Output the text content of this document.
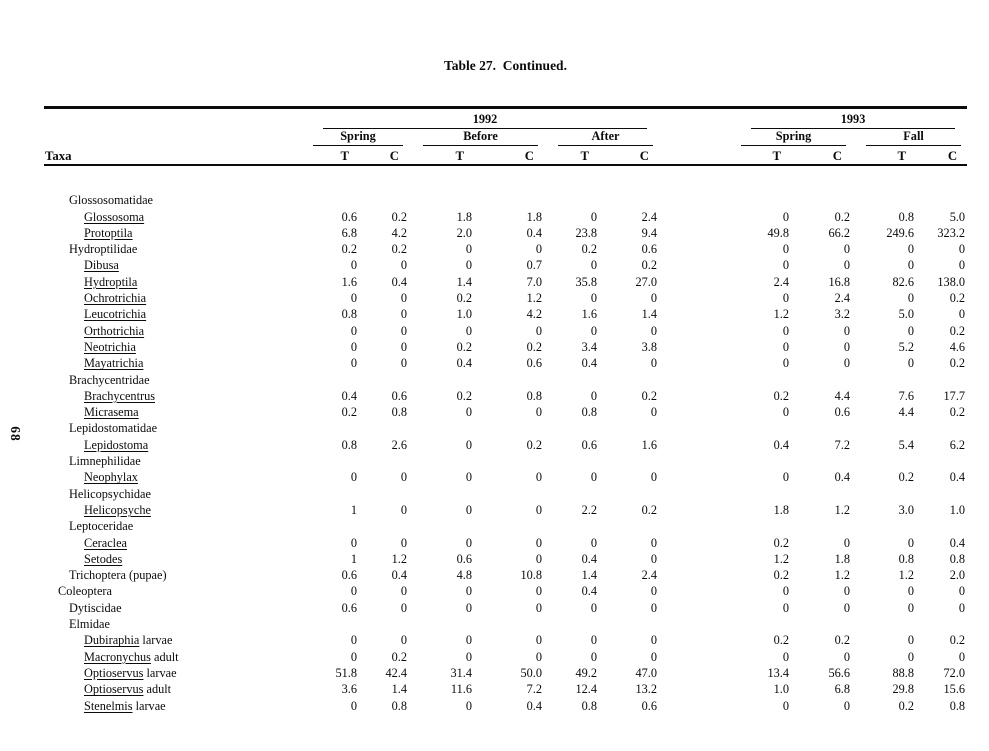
68
Table 27.  Continued.

	1992							1993			

	Spring		Before		After			Spring		Fall	

Taxa	T	C	T	C	T	C		T	C	T	C

Glossosomatidae											
Glossosoma	0.6	0.2	1.8	1.8	0	2.4		0	0.2	0.8	5.0
Protoptila	6.8	4.2	2.0	0.4	23.8	9.4		49.8	66.2	249.6	323.2
Hydroptilidae	0.2	0.2	0	0	0.2	0.6		0	0	0	0
Dibusa	0	0	0	0.7	0	0.2		0	0	0	0
Hydroptila	1.6	0.4	1.4	7.0	35.8	27.0		2.4	16.8	82.6	138.0
Ochrotrichia	0	0	0.2	1.2	0	0		0	2.4	0	0.2
Leucotrichia	0.8	0	1.0	4.2	1.6	1.4		1.2	3.2	5.0	0
Orthotrichia	0	0	0	0	0	0		0	0	0	0.2
Neotrichia	0	0	0.2	0.2	3.4	3.8		0	0	5.2	4.6
Mayatrichia	0	0	0.4	0.6	0.4	0		0	0	0	0.2
Brachycentridae											
Brachycentrus	0.4	0.6	0.2	0.8	0	0.2		0.2	4.4	7.6	17.7
Micrasema	0.2	0.8	0	0	0.8	0		0	0.6	4.4	0.2
Lepidostomatidae											
Lepidostoma	0.8	2.6	0	0.2	0.6	1.6		0.4	7.2	5.4	6.2
Limnephilidae											
Neophylax	0	0	0	0	0	0		0	0.4	0.2	0.4
Helicopsychidae											
Helicopsyche	1	0	0	0	2.2	0.2		1.8	1.2	3.0	1.0
Leptoceridae											
Ceraclea	0	0	0	0	0	0		0.2	0	0	0.4
Setodes	1	1.2	0.6	0	0.4	0		1.2	1.8	0.8	0.8
Trichoptera (pupae)	0.6	0.4	4.8	10.8	1.4	2.4		0.2	1.2	1.2	2.0
Coleoptera	0	0	0	0	0.4	0		0	0	0	0
Dytiscidae	0.6	0	0	0	0	0		0	0	0	0
Elmidae											
Dubiraphia larvae	0	0	0	0	0	0		0.2	0.2	0	0.2
Macronychus adult	0	0.2	0	0	0	0		0	0	0	0
Optioservus larvae	51.8	42.4	31.4	50.0	49.2	47.0		13.4	56.6	88.8	72.0
Optioservus adult	3.6	1.4	11.6	7.2	12.4	13.2		1.0	6.8	29.8	15.6
Stenelmis larvae	0	0.8	0	0.4	0.8	0.6		0	0	0.2	0.8
